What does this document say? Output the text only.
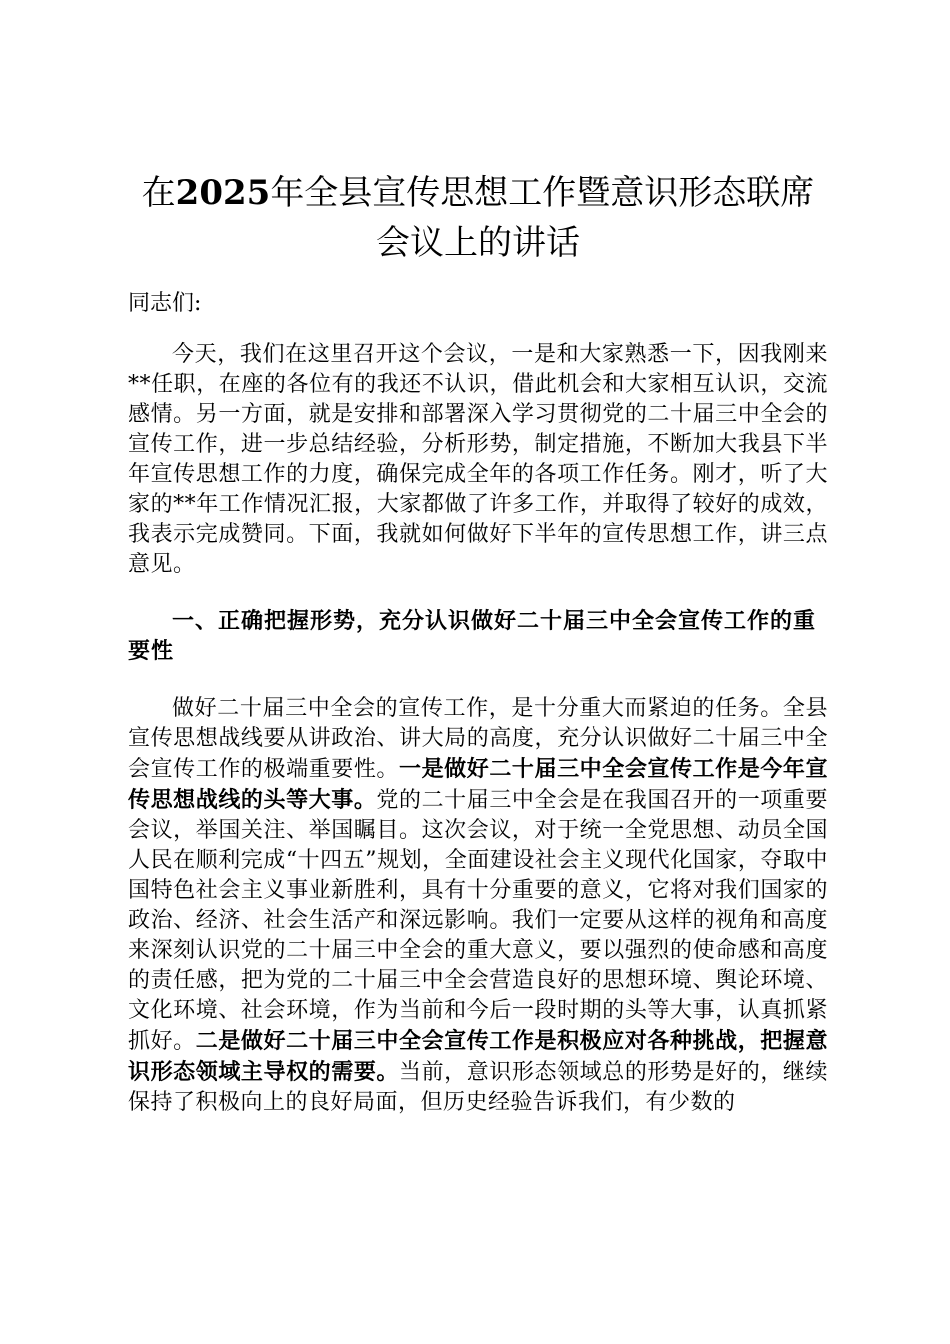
在2025年全县宣传思想工作暨意识形态联席会议上的讲话
同志们:

今天，我们在这里召开这个会议，一是和大家熟悉一下，因我刚来**任职，在座的各位有的我还不认识，借此机会和大家相互认识，交流感情。另一方面，就是安排和部署深入学习贯彻党的二十届三中全会的宣传工作，进一步总结经验，分析形势，制定措施，不断加大我县下半年宣传思想工作的力度，确保完成全年的各项工作任务。刚才，听了大家的**年工作情况汇报，大家都做了许多工作，并取得了较好的成效，我表示完成赞同。下面，我就如何做好下半年的宣传思想工作，讲三点意见。

一、正确把握形势，充分认识做好二十届三中全会宣传工作的重要性

做好二十届三中全会的宣传工作，是十分重大而紧迫的任务。全县宣传思想战线要从讲政治、讲大局的高度，充分认识做好二十届三中全会宣传工作的极端重要性。一是做好二十届三中全会宣传工作是今年宣传思想战线的头等大事。党的二十届三中全会是在我国召开的一项重要会议，举国关注、举国瞩目。这次会议，对于统一全党思想、动员全国人民在顺利完成“十四五”规划，全面建设社会主义现代化国家，夺取中国特色社会主义事业新胜利，具有十分重要的意义，它将对我们国家的政治、经济、社会生活产和深远影响。我们一定要从这样的视角和高度来深刻认识党的二十届三中全会的重大意义，要以强烈的使命感和高度的责任感，把为党的二十届三中全会营造良好的思想环境、舆论环境、文化环境、社会环境，作为当前和今后一段时期的头等大事，认真抓紧抓好。二是做好二十届三中全会宣传工作是积极应对各种挑战，把握意识形态领域主导权的需要。当前，意识形态领域总的形势是好的，继续保持了积极向上的良好局面，但历史经验告诉我们，有少数的
